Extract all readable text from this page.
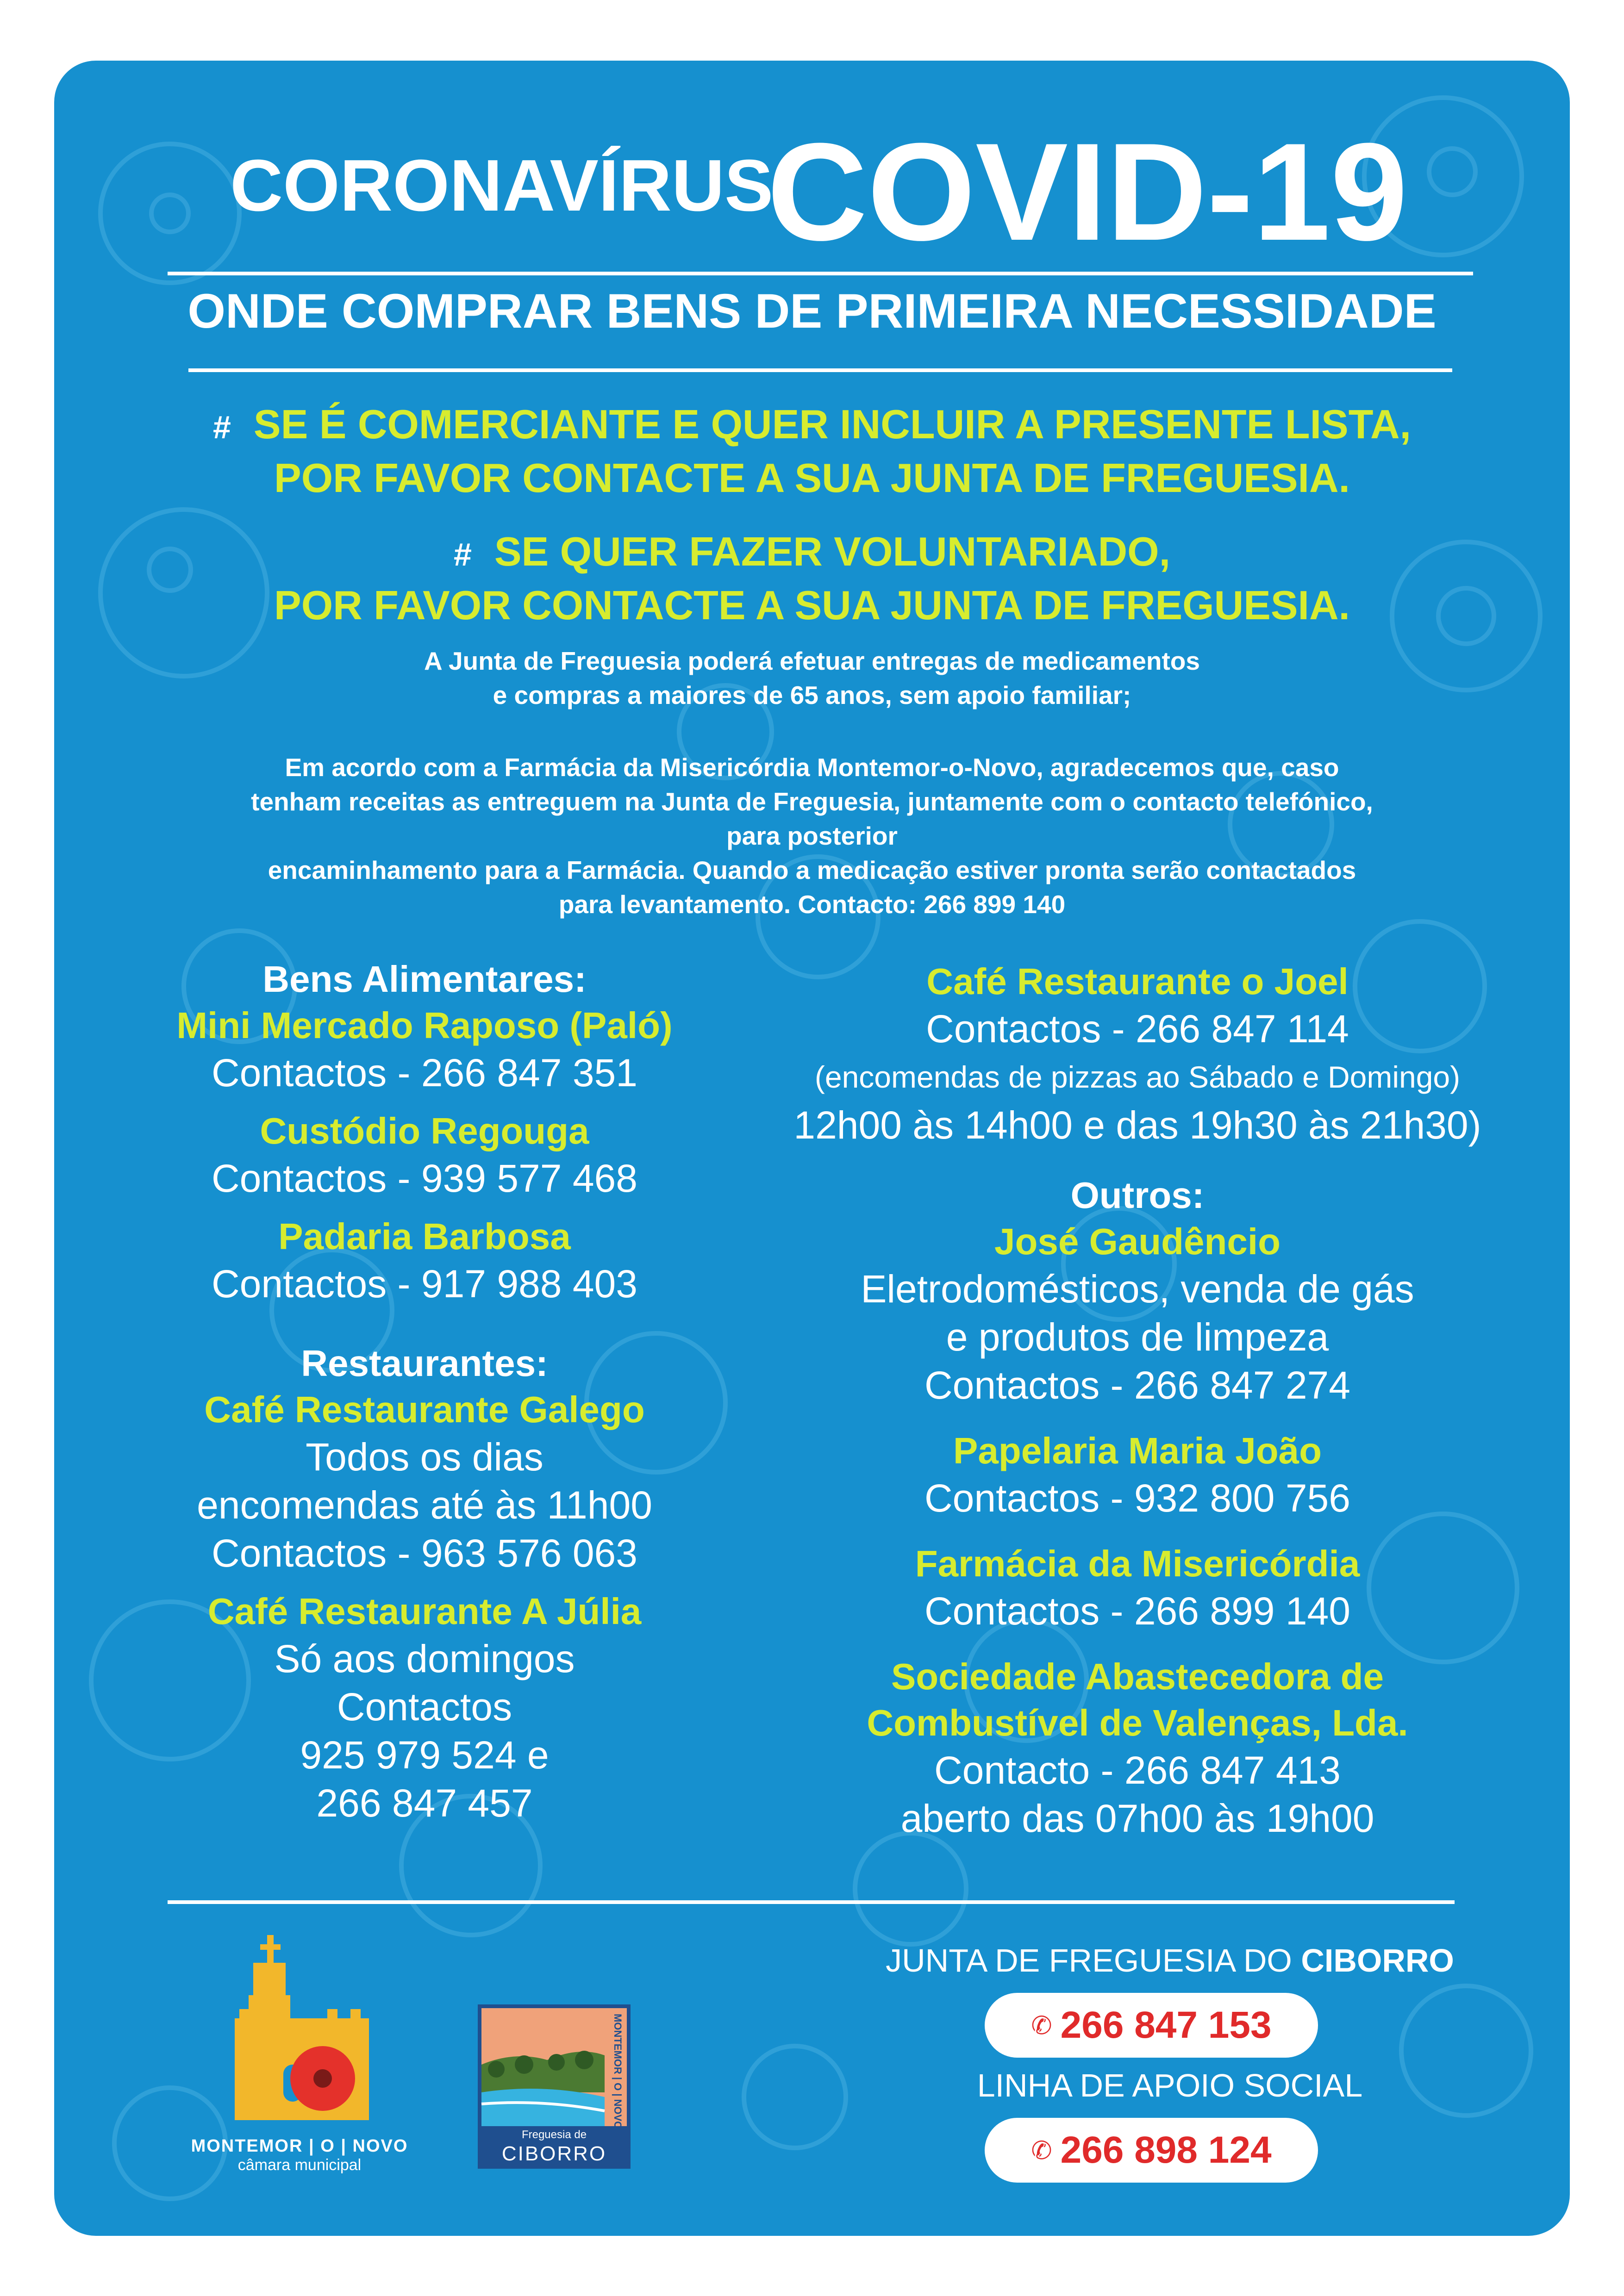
CORONAVÍRUS
COVID-19
ONDE COMPRAR BENS DE PRIMEIRA NECESSIDADE
# SE É COMERCIANTE E QUER INCLUIR A PRESENTE LISTA,
POR FAVOR CONTACTE A SUA JUNTA DE FREGUESIA.
# SE QUER FAZER VOLUNTARIADO,
POR FAVOR CONTACTE A SUA JUNTA DE FREGUESIA.
A Junta de Freguesia poderá efetuar entregas de medicamentos
e compras a maiores de 65 anos, sem apoio familiar;
Em acordo com a Farmácia da Misericórdia Montemor-o-Novo, agradecemos que, caso
tenham receitas as entreguem na Junta de Freguesia, juntamente com o contacto telefónico,
para posterior
encaminhamento para a Farmácia. Quando a medicação estiver pronta serão contactados
para levantamento. Contacto: 266 899 140
Bens Alimentares:
Mini Mercado Raposo (Paló)
Contactos - 266 847 351
Custódio Regouga
Contactos - 939 577 468
Padaria Barbosa
Contactos - 917 988 403
Restaurantes:
Café Restaurante Galego
Todos os dias
encomendas até às 11h00
Contactos - 963 576 063
Café Restaurante A Júlia
Só aos domingos
Contactos
925 979 524 e
266 847 457
Café Restaurante o Joel
Contactos - 266 847 114
(encomendas de pizzas ao Sábado e Domingo)
12h00 às 14h00 e das 19h30 às 21h30)
Outros:
José Gaudêncio
Eletrodomésticos, venda de gás
e produtos de limpeza
Contactos - 266 847 274
Papelaria Maria João
Contactos - 932 800 756
Farmácia da Misericórdia
Contactos - 266 899 140
Sociedade Abastecedora de
Combustível de Valenças, Lda.
Contacto - 266 847 413
aberto das 07h00 às 19h00
MONTEMOR | O | NOVO
câmara municipal
MONTEMOR | O | NOVO
Freguesia de
CIBORRO
JUNTA DE FREGUESIA DO CIBORRO
✆ 266 847 153
LINHA DE APOIO SOCIAL
✆ 266 898 124
